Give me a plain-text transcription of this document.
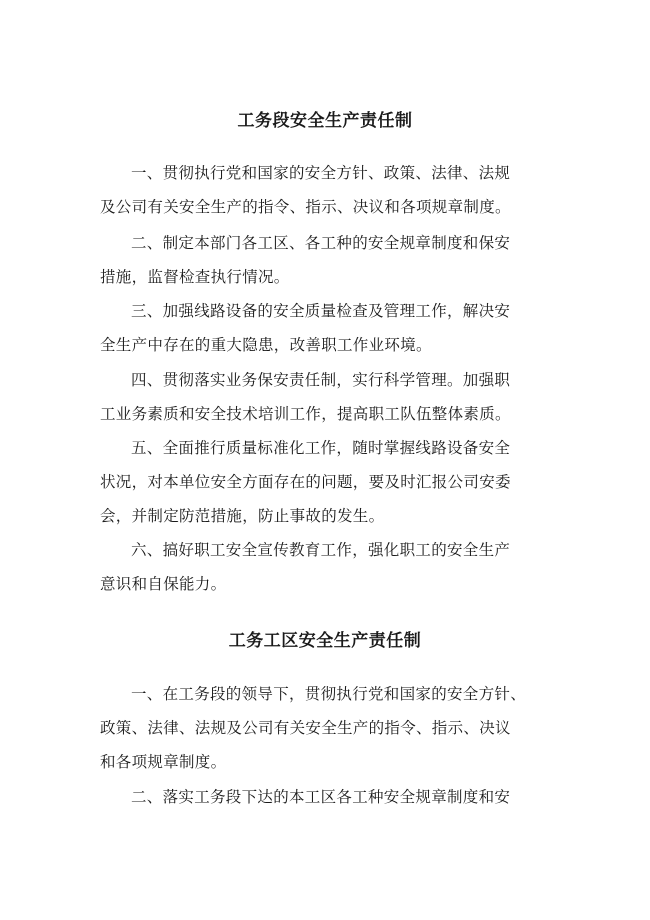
工务段安全生产责任制

一、贯彻执行党和国家的安全方针、政策、法律、法规
及公司有关安全生产的指令、指示、决议和各项规章制度。

二、制定本部门各工区、各工种的安全规章制度和保安
措施，监督检查执行情况。

三、加强线路设备的安全质量检查及管理工作，解决安
全生产中存在的重大隐患，改善职工作业环境。

四、贯彻落实业务保安责任制，实行科学管理。加强职
工业务素质和安全技术培训工作，提高职工队伍整体素质。

五、全面推行质量标准化工作，随时掌握线路设备安全
状况，对本单位安全方面存在的问题，要及时汇报公司安委
会，并制定防范措施，防止事故的发生。

六、搞好职工安全宣传教育工作，强化职工的安全生产
意识和自保能力。

工务工区安全生产责任制

一、在工务段的领导下，贯彻执行党和国家的安全方针、
政策、法律、法规及公司有关安全生产的指令、指示、决议
和各项规章制度。

二、落实工务段下达的本工区各工种安全规章制度和安
